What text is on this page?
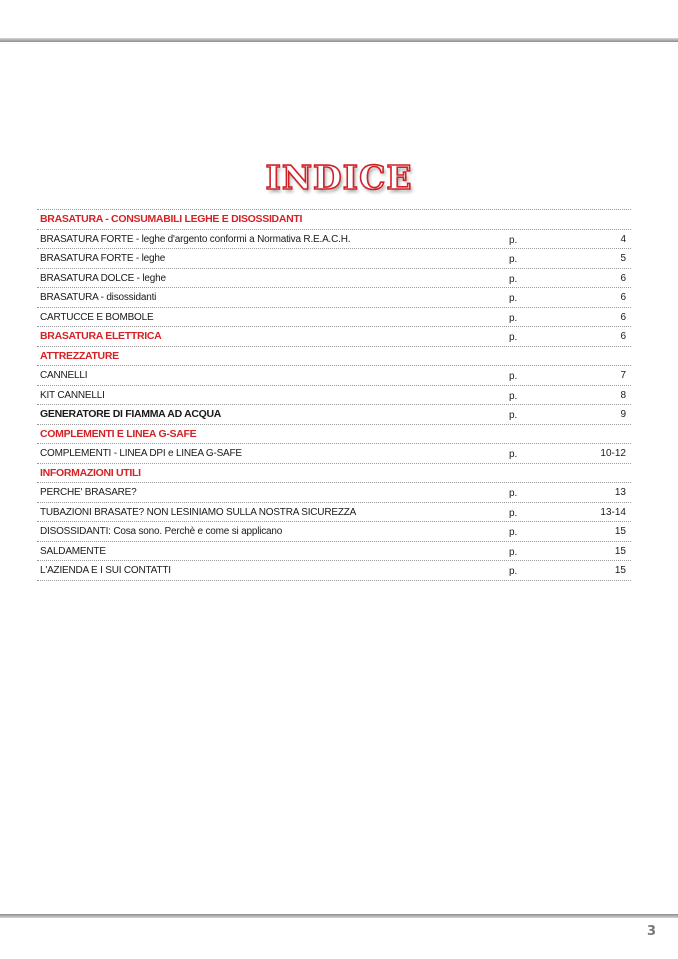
INDICE
BRASATURA - CONSUMABILI LEGHE E DISOSSIDANTI
BRASATURA FORTE - leghe d'argento conformi a Normativa R.E.A.C.H.	p.	4
BRASATURA FORTE - leghe	p.	5
BRASATURA DOLCE - leghe	p.	6
BRASATURA - disossidanti	p.	6
CARTUCCE E BOMBOLE	p.	6
BRASATURA ELETTRICA	p.	6
ATTREZZATURE
CANNELLI	p.	7
KIT CANNELLI	p.	8
GENERATORE DI FIAMMA AD ACQUA	p.	9
COMPLEMENTI E LINEA G-SAFE
COMPLEMENTI - LINEA DPI e LINEA G-SAFE	p.	10-12
INFORMAZIONI UTILI
PERCHE' BRASARE?	p.	13
TUBAZIONI BRASATE? NON LESINIAMO SULLA NOSTRA SICUREZZA	p.	13-14
DISOSSIDANTI: Cosa sono. Perchè e come si applicano	p.	15
SALDAMENTE	p.	15
L'AZIENDA E I SUI CONTATTI	p.	15
3
